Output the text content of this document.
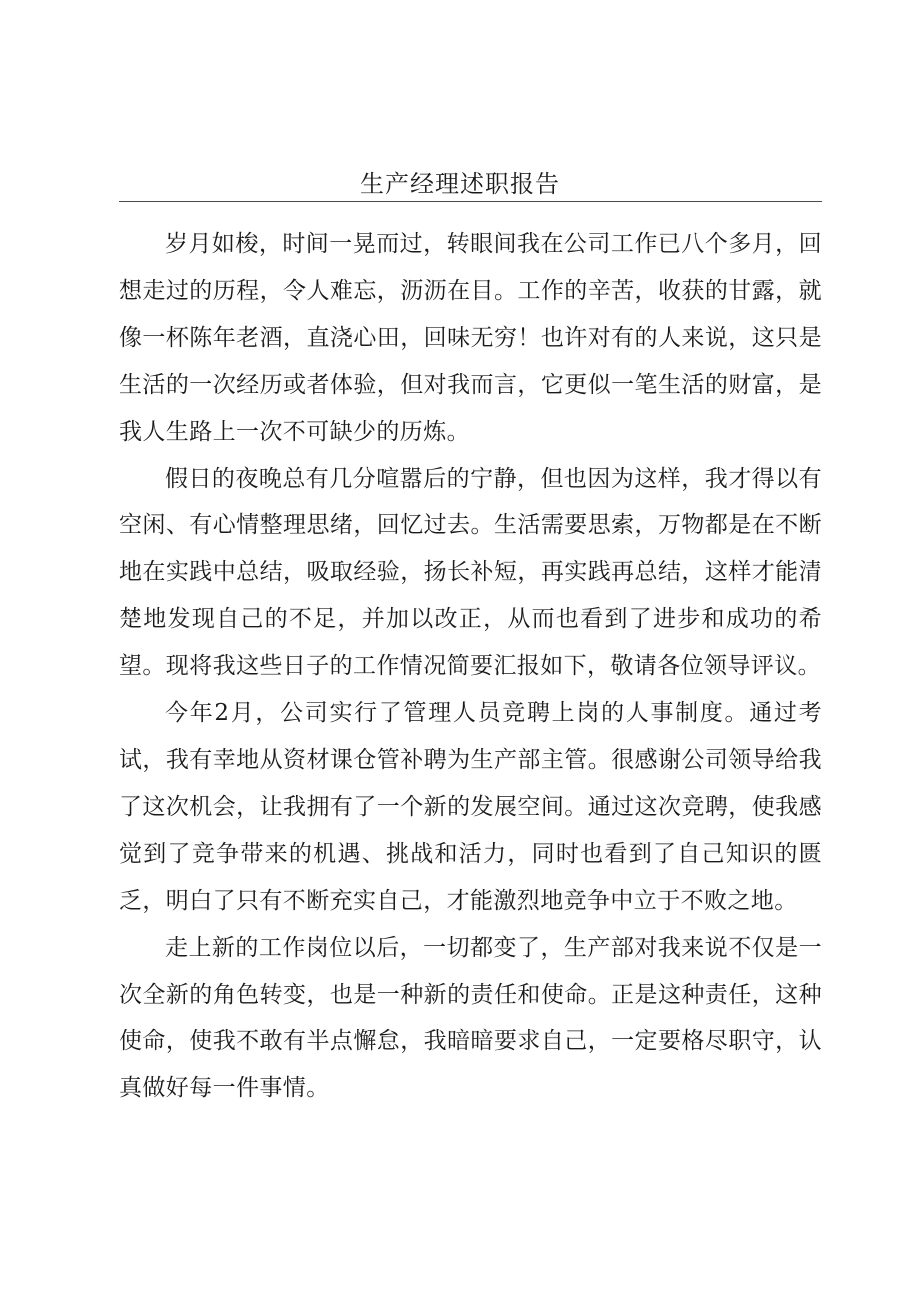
生产经理述职报告

岁月如梭，时间一晃而过，转眼间我在公司工作已八个多月，回想走过的历程，令人难忘，沥沥在目。工作的辛苦，收获的甘露，就像一杯陈年老酒，直浇心田，回味无穷！也许对有的人来说，这只是生活的一次经历或者体验，但对我而言，它更似一笔生活的财富，是我人生路上一次不可缺少的历炼。

假日的夜晚总有几分喧嚣后的宁静，但也因为这样，我才得以有空闲、有心情整理思绪，回忆过去。生活需要思索，万物都是在不断地在实践中总结，吸取经验，扬长补短，再实践再总结，这样才能清楚地发现自己的不足，并加以改正，从而也看到了进步和成功的希望。现将我这些日子的工作情况简要汇报如下，敬请各位领导评议。

今年2月，公司实行了管理人员竞聘上岗的人事制度。通过考试，我有幸地从资材课仓管补聘为生产部主管。很感谢公司领导给我了这次机会，让我拥有了一个新的发展空间。通过这次竞聘，使我感觉到了竞争带来的机遇、挑战和活力，同时也看到了自己知识的匮乏，明白了只有不断充实自己，才能激烈地竞争中立于不败之地。

走上新的工作岗位以后，一切都变了，生产部对我来说不仅是一次全新的角色转变，也是一种新的责任和使命。正是这种责任，这种使命，使我不敢有半点懈怠，我暗暗要求自己，一定要格尽职守，认真做好每一件事情。
